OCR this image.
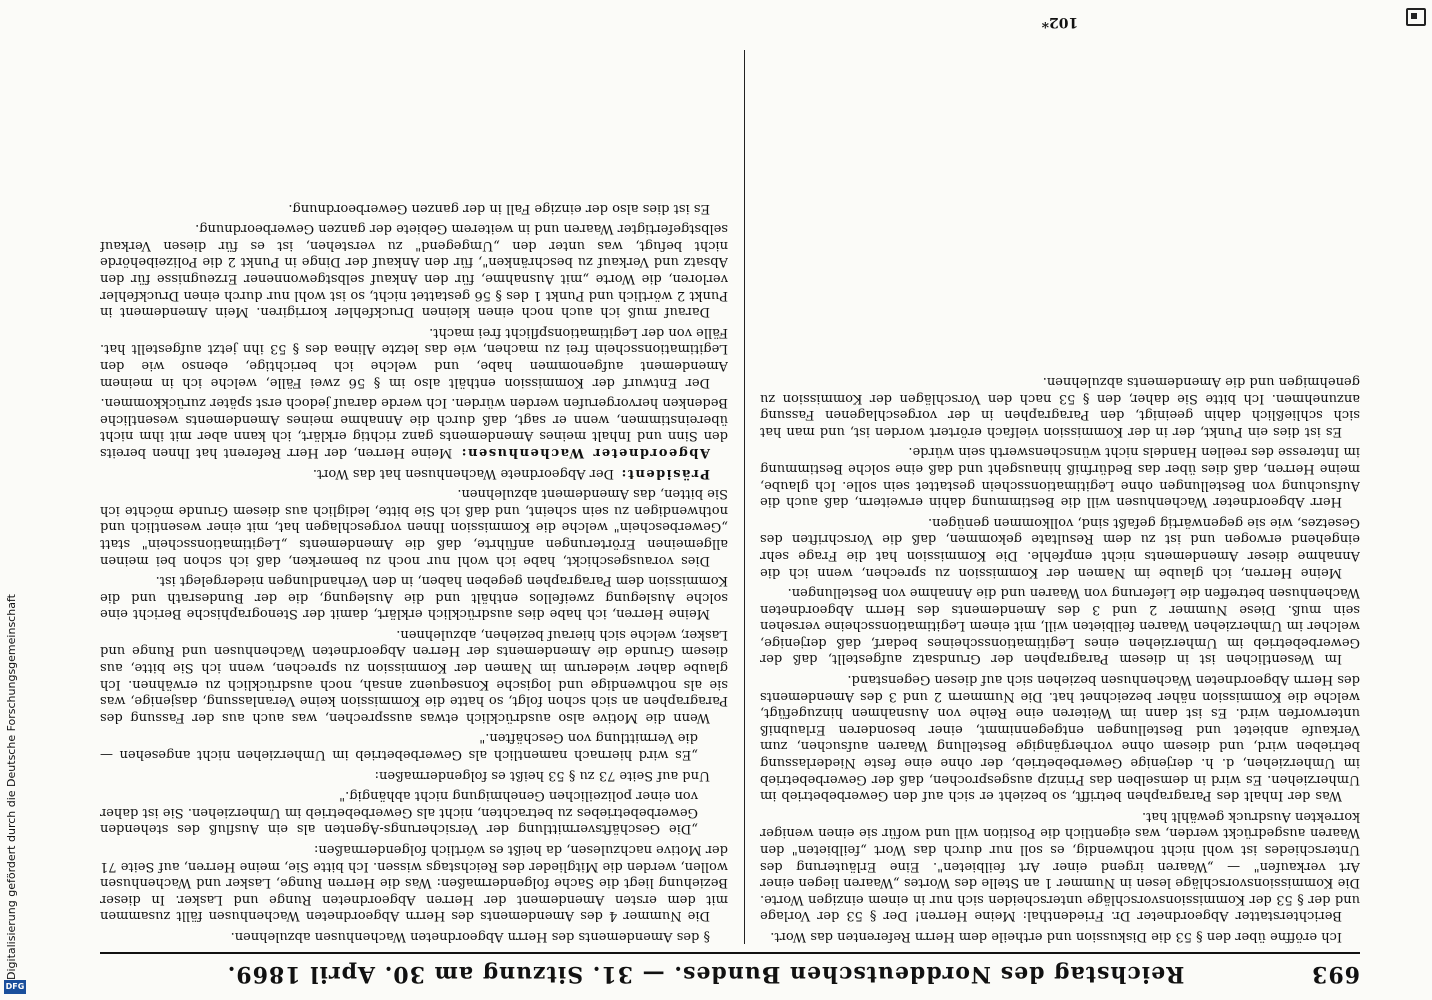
693
Reichstag des Norddeutschen Bundes. — 31. Sitzung am 30. April 1869.

Ich eröffne über den § 53 die Diskussion und ertheile dem Herrn Referenten das Wort.

Berichterstatter Abgeordneter Dr. Friedenthal: Meine Herren! Der § 53 der Vorlage und der § 53 der Kommissionsvorschläge unterscheiden sich nur in einem einzigen Worte. Die Kommissionsvorschläge lesen in Nummer 1 an Stelle des Wortes „Waaren liegen einer Art verkaufen" — „Waaren irgend einer Art feilbieten". Eine Erläuterung des Unterschiedes ist wohl nicht nothwendig, es soll nur durch das Wort „feilbieten" den Waaren ausgedrückt werden, was eigentlich die Position will und wofür sie einen weniger korrekten Ausdruck gewählt hat.

Was der Inhalt des Paragraphen betrifft, so bezieht er sich auf den Gewerbebetrieb im Umherziehen. Es wird in demselben das Prinzip ausgesprochen, daß der Gewerbebetrieb im Umherziehen, d. h. derjenige Gewerbebetrieb, der ohne eine feste Niederlassung betrieben wird, und diesem ohne vorhergängige Bestellung Waaren aufsuchen, zum Verkaufe anbietet und Bestellungen entgegennimmt, einer besonderen Erlaubniß unterworfen wird. Es ist dann im Weiteren eine Reihe von Ausnahmen hinzugefügt, welche die Kommission näher bezeichnet hat. Die Nummern 2 und 3 des Amendements des Herrn Abgeordneten Wachenhusen beziehen sich auf diesen Gegenstand.

Im Wesentlichen ist in diesem Paragraphen der Grundsatz aufgestellt, daß der Gewerbebetrieb im Umherziehen eines Legitimationsscheines bedarf, daß derjenige, welcher im Umherziehen Waaren feilbieten will, mit einem Legitimationsscheine versehen sein muß. Diese Nummer 2 und 3 des Amendements des Herrn Abgeordneten Wachenhusen betreffen die Lieferung von Waaren und die Annahme von Bestellungen.

Meine Herren, ich glaube im Namen der Kommission zu sprechen, wenn ich die Annahme dieser Amendements nicht empfehle. Die Kommission hat die Frage sehr eingehend erwogen und ist zu dem Resultate gekommen, daß die Vorschriften des Gesetzes, wie sie gegenwärtig gefaßt sind, vollkommen genügen.

Herr Abgeordneter Wachenhusen will die Bestimmung dahin erweitern, daß auch die Aufsuchung von Bestellungen ohne Legitimationsschein gestattet sein solle. Ich glaube, meine Herren, daß dies über das Bedürfniß hinausgeht und daß eine solche Bestimmung im Interesse des reellen Handels nicht wünschenswerth sein würde.

Es ist dies ein Punkt, der in der Kommission vielfach erörtert worden ist, und man hat sich schließlich dahin geeinigt, den Paragraphen in der vorgeschlagenen Fassung anzunehmen. Ich bitte Sie daher, den § 53 nach den Vorschlägen der Kommission zu genehmigen und die Amendements abzulehnen.

§ des Amendements des Herrn Abgeordneten Wachenhusen abzulehnen.

Die Nummer 4 des Amendements des Herrn Abgeordneten Wachenhusen fällt zusammen mit dem ersten Amendement der Herren Abgeordneten Runge und Lasker. In dieser Beziehung liegt die Sache folgendermaßen: Was die Herren Runge, Lasker und Wachenhusen wollen, werden die Mitglieder des Reichstags wissen. Ich bitte Sie, meine Herren, auf Seite 71 der Motive nachzulesen, da heißt es wörtlich folgendermaßen:

„Die Geschäftsvermittlung der Versicherungs-Agenten als ein Ausfluß des stehenden Gewerbebetriebes zu betrachten, nicht als Gewerbebetrieb im Umherziehen. Sie ist daher von einer polizeilichen Genehmigung nicht abhängig."

Und auf Seite 73 zu § 53 heißt es folgendermaßen:

„Es wird hiernach namentlich als Gewerbebetrieb im Umherziehen nicht angesehen — die Vermittlung von Geschäften."

Wenn die Motive also ausdrücklich etwas aussprechen, was auch aus der Fassung des Paragraphen an sich schon folgt, so hatte die Kommission keine Veranlassung, dasjenige, was sie als nothwendige und logische Konsequenz ansah, noch ausdrücklich zu erwähnen. Ich glaube daher wiederum im Namen der Kommission zu sprechen, wenn ich Sie bitte, aus diesem Grunde die Amendements der Herren Abgeordneten Wachenhusen und Runge und Lasker, welche sich hierauf beziehen, abzulehnen.

Meine Herren, ich habe dies ausdrücklich erklärt, damit der Stenographische Bericht eine solche Auslegung zweifellos enthält und die Auslegung, die der Bundesrath und die Kommission dem Paragraphen gegeben haben, in den Verhandlungen niedergelegt ist.

Dies vorausgeschickt, habe ich wohl nur noch zu bemerken, daß ich schon bei meinen allgemeinen Erörterungen anführte, daß die Amendements „Legitimationsschein" statt „Gewerbeschein" welche die Kommission Ihnen vorgeschlagen hat, mit einer wesentlich und nothwendigen zu sein scheint, und daß ich Sie bitte, lediglich aus diesem Grunde möchte ich Sie bitten, das Amendement abzulehnen.

Präsident: Der Abgeordnete Wachenhusen hat das Wort.

Abgeordneter Wachenhusen: Meine Herren, der Herr Referent hat Ihnen bereits den Sinn und Inhalt meines Amendements ganz richtig erklärt, ich kann aber mit ihm nicht übereinstimmen, wenn er sagt, daß durch die Annahme meines Amendements wesentliche Bedenken hervorgerufen werden würden. Ich werde darauf jedoch erst später zurückkommen.

Der Entwurf der Kommission enthält also im § 56 zwei Fälle, welche ich in meinem Amendement aufgenommen habe, und welche ich berichtige, ebenso wie den Legitimationsschein frei zu machen, wie das letzte Alinea des § 53 ihn jetzt aufgestellt hat. Fälle von der Legitimationspflicht frei macht.

Darauf muß ich auch noch einen kleinen Druckfehler korrigiren. Mein Amendement in Punkt 2 wörtlich und Punkt 1 des § 56 gestattet nicht, so ist wohl nur durch einen Druckfehler verloren, die Worte „mit Ausnahme, für den Ankauf selbstgewonnener Erzeugnisse für den Absatz und Verkauf zu beschränken", für den Ankauf der Dinge in Punkt 2 die Polizeibehörde nicht befugt, was unter den „Umgegend" zu verstehen, ist es für diesen Verkauf selbstgefertigter Waaren und in weiterem Gebiete der ganzen Gewerbeordnung.

Es ist dies also der einzige Fall in der ganzen Gewerbeordnung.

102*
Digitalisierung gefördert durch die Deutsche Forschungsgemeinschaft
DFG
